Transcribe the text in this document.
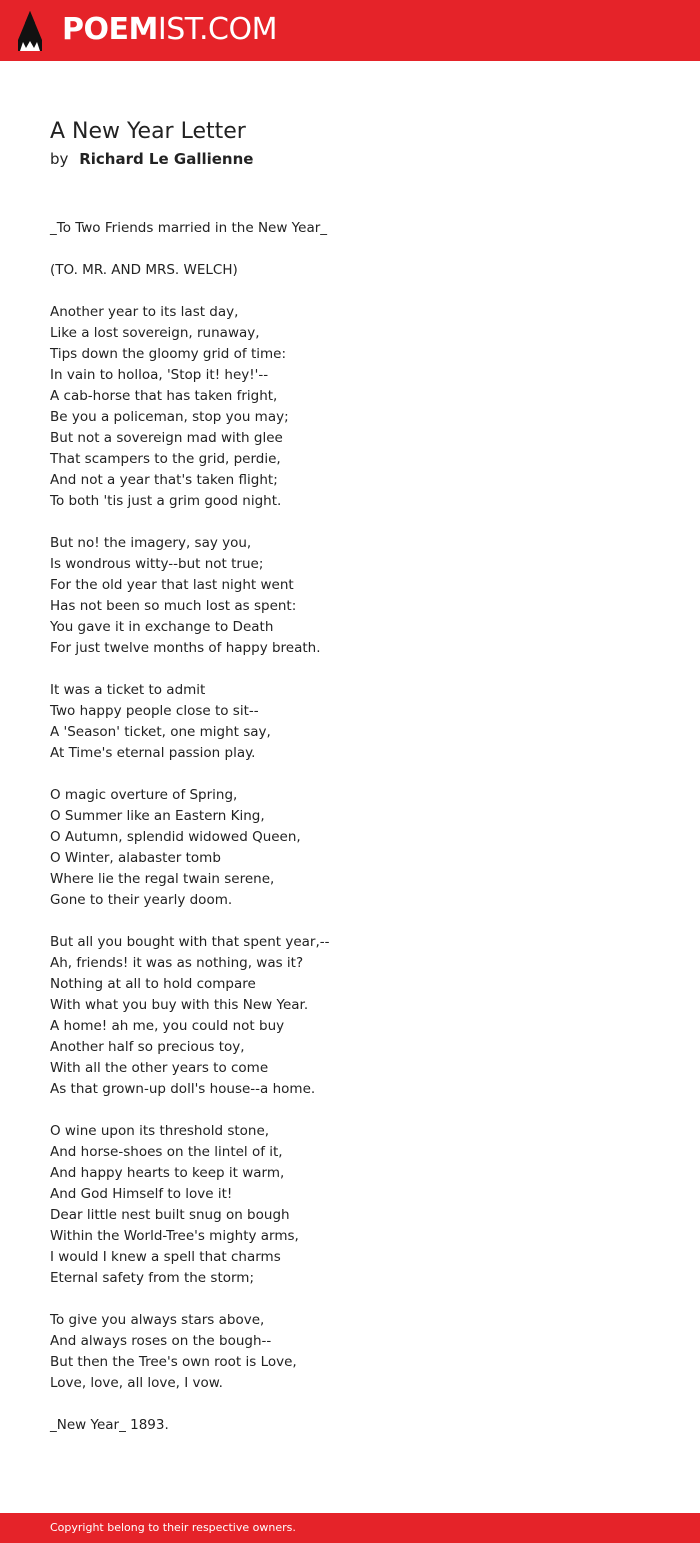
POEMIST.COM
A New Year Letter
by Richard Le Gallienne
_To Two Friends married in the New Year_
(TO. MR. AND MRS. WELCH)
Another year to its last day,
Like a lost sovereign, runaway,
Tips down the gloomy grid of time:
In vain to holloa, 'Stop it! hey!'--
A cab-horse that has taken fright,
Be you a policeman, stop you may;
But not a sovereign mad with glee
That scampers to the grid, perdie,
And not a year that's taken flight;
To both 'tis just a grim good night.
But no! the imagery, say you,
Is wondrous witty--but not true;
For the old year that last night went
Has not been so much lost as spent:
You gave it in exchange to Death
For just twelve months of happy breath.
It was a ticket to admit
Two happy people close to sit--
A 'Season' ticket, one might say,
At Time's eternal passion play.
O magic overture of Spring,
O Summer like an Eastern King,
O Autumn, splendid widowed Queen,
O Winter, alabaster tomb
Where lie the regal twain serene,
Gone to their yearly doom.
But all you bought with that spent year,--
Ah, friends! it was as nothing, was it?
Nothing at all to hold compare
With what you buy with this New Year.
A home! ah me, you could not buy
Another half so precious toy,
With all the other years to come
As that grown-up doll's house--a home.
O wine upon its threshold stone,
And horse-shoes on the lintel of it,
And happy hearts to keep it warm,
And God Himself to love it!
Dear little nest built snug on bough
Within the World-Tree's mighty arms,
I would I knew a spell that charms
Eternal safety from the storm;
To give you always stars above,
And always roses on the bough--
But then the Tree's own root is Love,
Love, love, all love, I vow.
_New Year_ 1893.
Copyright belong to their respective owners.
